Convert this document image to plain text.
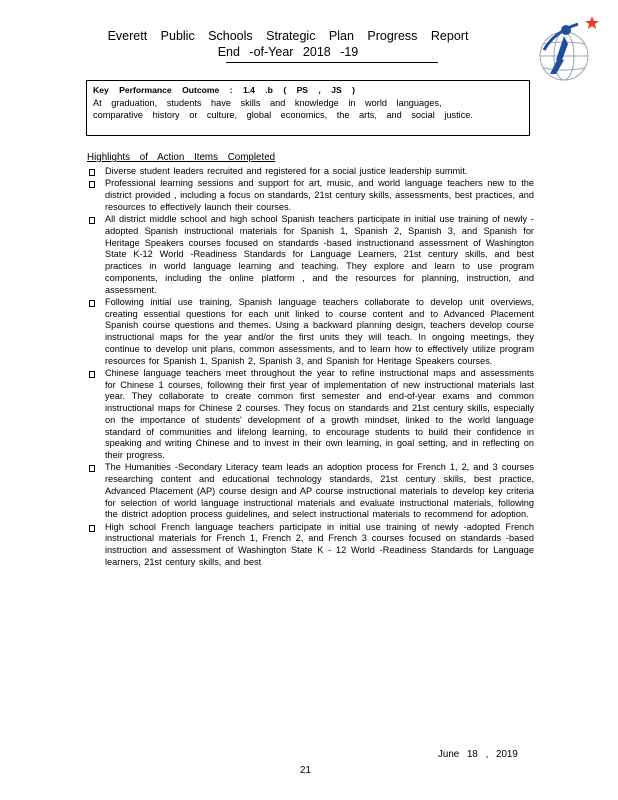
Everett Public Schools Strategic Plan Progress Report
End -of-Year 2018 -19
Key Performance Outcome : 1.4 .b ( PS , JS )
At graduation, students have skills and knowledge in world languages,
comparative history or culture, global economics, the arts, and social justice.
Highlights of Action Items Completed
Diverse student leaders recruited and registered for a social justice leadership summit.
Professional learning sessions and support for art, music, and world language teachers new to the district provided , including a focus on standards, 21st century skills, assessments, best practices, and resources to effectively launch their courses.
All district middle school and high school Spanish teachers participate in initial use training of newly -adopted Spanish instructional materials for Spanish 1, Spanish 2, Spanish 3, and Spanish for Heritage Speakers courses focused on standards -based instructionand assessment of Washington State K-12 World -Readiness Standards for Language Learners, 21st century skills, and best practices in world language learning and teaching. They explore and learn to use program components, including the online platform , and the resources for planning, instruction, and assessment.
Following initial use training, Spanish language teachers collaborate to develop unit overviews, creating essential questions for each unit linked to course content and to Advanced Placement Spanish course questions and themes. Using a backward planning design, teachers develop course instructional maps for the year and/or the first units they will teach. In ongoing meetings, they continue to develop unit plans, common assessments, and to learn how to effectively utilize program resources for Spanish 1, Spanish 2, Spanish 3, and Spanish for Heritage Speakers courses.
Chinese language teachers meet throughout the year to refine instructional maps and assessments for Chinese 1 courses, following their first year of implementation of new instructional materials last year. They collaborate to create common first semester and end-of-year exams and common instructional maps for Chinese 2 courses. They focus on standards and 21st century skills, especially on the importance of students' development of a growth mindset, linked to the world language standard of communities and lifelong learning, to encourage students to build their confidence in speaking and writing Chinese and to invest in their own learning, in goal setting, and in reflecting on their progress.
The Humanities -Secondary Literacy team leads an adoption process for French 1, 2, and 3 courses researching content and educational technology standards, 21st century skills, best practice, Advanced Placement (AP) course design and AP course instructional materials to develop key criteria for selection of world language instructional materials and evaluate instructional materials, following the district adoption process guidelines, and select instructional materials to recommend for adoption.
High school French language teachers participate in initial use training of newly -adopted French instructional materials for French 1, French 2, and French 3 courses focused on standards -based instruction and assessment of Washington State K - 12 World -Readiness Standards for Language learners, 21st century skills, and best
June 18 , 2019
21
